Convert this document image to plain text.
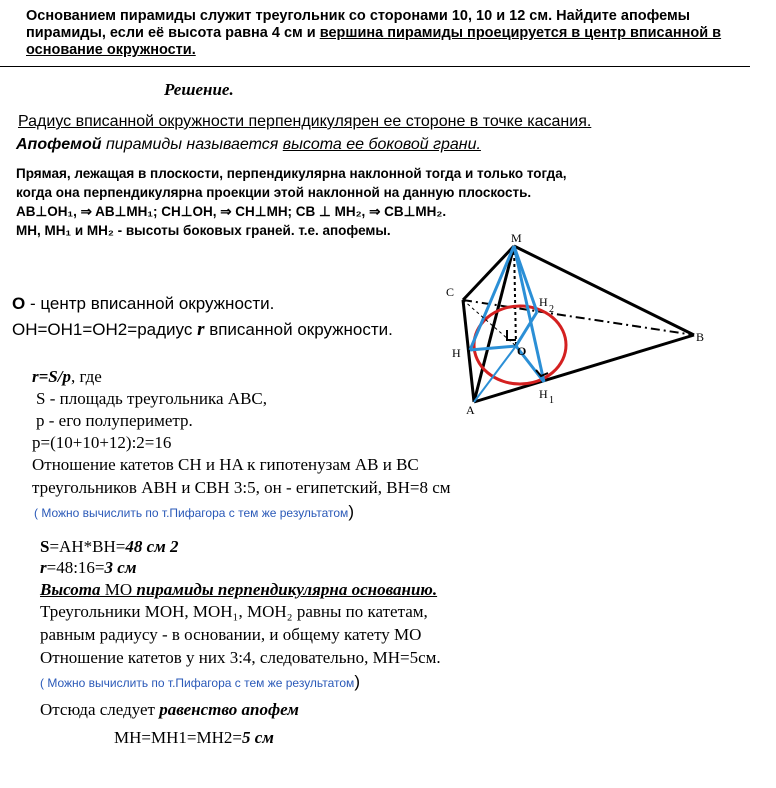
Основанием пирамиды служит треугольник со сторонами 10, 10 и 12 см. Найдите апофемы пирамиды, если её высота равна 4 см и вершина пирамиды проецируется в центр вписанной в основание окружности.
Решение.
Радиус вписанной окружности перпендикулярен ее стороне в точке касания.
Апофемой пирамиды называется высота ее боковой грани.
Прямая, лежащая в плоскости, перпендикулярна наклонной тогда и только тогда,
когда она перпендикулярна проекции этой наклонной на данную плоскость.
AB⊥OH₁, ⇒ AB⊥MH₁; CH⊥OH, ⇒ CH⊥MH; CB ⊥ MH₂, ⇒ CB⊥MH₂.
MH, MH₁ и MH₂ - высоты боковых граней. т.е. апофемы.
O - центр вписанной окружности.
OH=OH1=OH2=радиус r вписанной окружности.
r=S/p, где
S - площадь треугольника ABC,
p - его полупериметр.
p=(10+10+12):2=16
Отношение катетов CH и HA к гипотенузам AB и BC
треугольников ABH и CBH 3:5, он - египетский, BH=8 см
( Можно вычислить по т.Пифагора с тем же результатом)
S=AH*BH=48 см 2
r=48:16=3 см
Высота MO пирамиды перпендикулярна основанию.
Треугольники MOH, MOH₁, MOH₂ равны по катетам,
равным радиусу - в основании, и общему катету MO
Отношение катетов у них 3:4, следовательно, MH=5см.
( Можно вычислить по т.Пифагора с тем же результатом)
Отсюда следует равенство апофем
MH=MH1=MH2=5 см
M
C
H	O
B
A
H
2
H 1
